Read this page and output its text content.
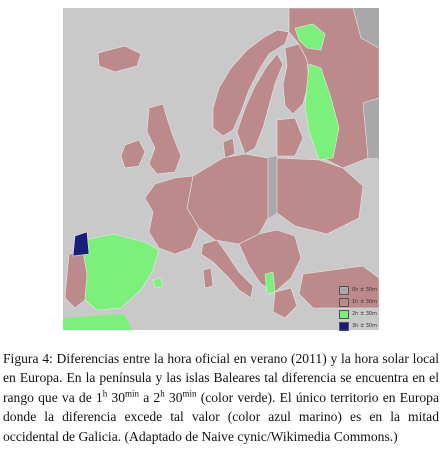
0h ± 30m
1h ± 30m
2h ± 30m
3h ± 30m
Figura 4: Diferencias entre la hora oficial en verano (2011) y la hora solar local en Europa. En la península y las islas Baleares tal diferencia se encuentra en el rango que va de 1$^h$ $30^{min}$ a 2$^h$ $30^{min}$ (color verde). El único territorio en Europa donde la diferencia excede tal valor (color azul marino) es en la mitad occidental de Galicia. (Adaptado de Naive cynic/Wikimedia Commons.)
